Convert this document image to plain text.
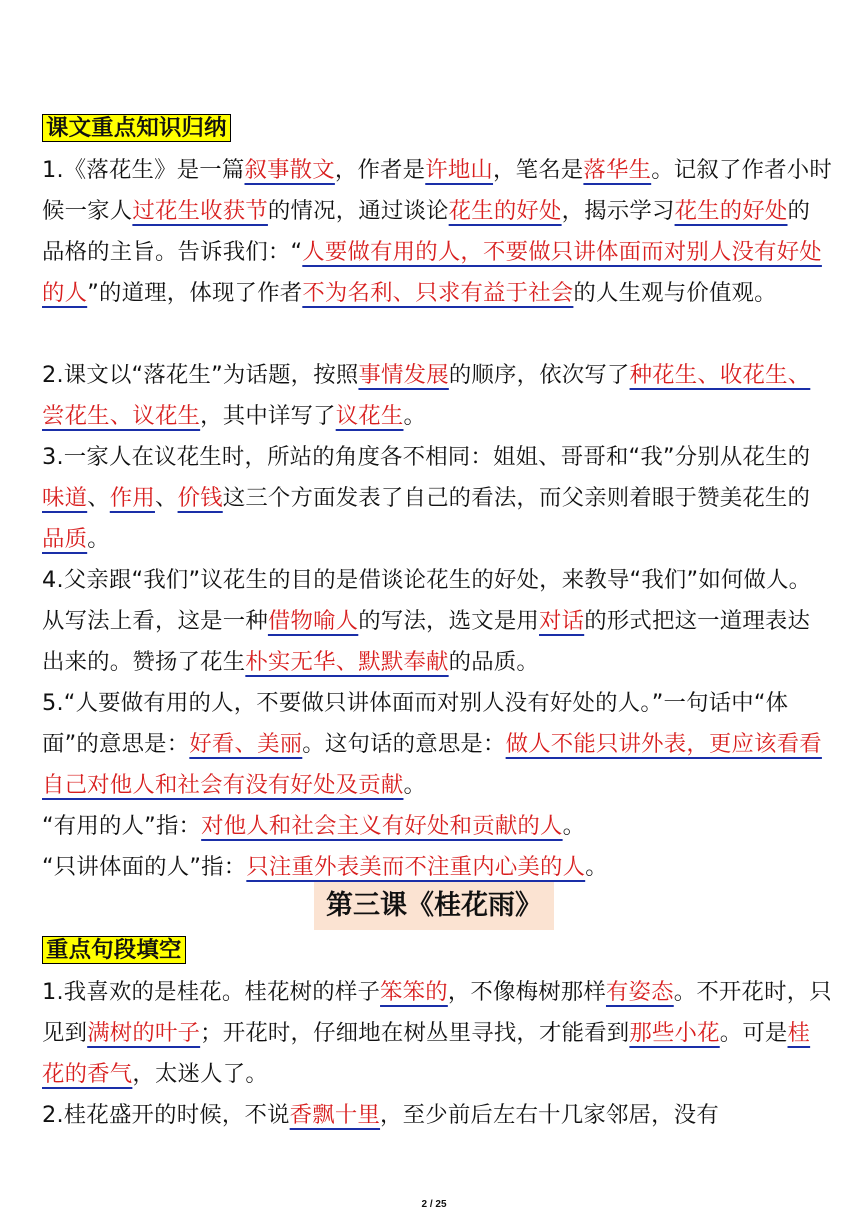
课文重点知识归纳

1.《落花生》是一篇叙事散文，作者是许地山，笔名是落华生。记叙了作者小时候一家人过花生收获节的情况，通过谈论花生的好处，揭示学习花生的好处的品格的主旨。告诉我们：“人要做有用的人，不要做只讲体面而对别人没有好处的人”的道理，体现了作者不为名利、只求有益于社会的人生观与价值观。

2.课文以“落花生”为话题，按照事情发展的顺序，依次写了种花生、收花生、尝花生、议花生，其中详写了议花生。

3.一家人在议花生时，所站的角度各不相同：姐姐、哥哥和“我”分别从花生的味道、作用、价钱这三个方面发表了自己的看法，而父亲则着眼于赞美花生的品质。

4.父亲跟“我们”议花生的目的是借谈论花生的好处，来教导“我们”如何做人。从写法上看，这是一种借物喻人的写法，选文是用对话的形式把这一道理表达出来的。赞扬了花生朴实无华、默默奉献的品质。

5.“人要做有用的人，不要做只讲体面而对别人没有好处的人。”一句话中“体面”的意思是：好看、美丽。这句话的意思是：做人不能只讲外表，更应该看看自己对他人和社会有没有好处及贡献。

“有用的人”指：对他人和社会主义有好处和贡献的人。

“只讲体面的人”指：只注重外表美而不注重内心美的人。

第三课《桂花雨》

重点句段填空

1.我喜欢的是桂花。桂花树的样子笨笨的，不像梅树那样有姿态。不开花时，只见到满树的叶子；开花时，仔细地在树丛里寻找，才能看到那些小花。可是桂花的香气，太迷人了。

2.桂花盛开的时候，不说香飘十里，至少前后左右十几家邻居，没有

2 / 25
